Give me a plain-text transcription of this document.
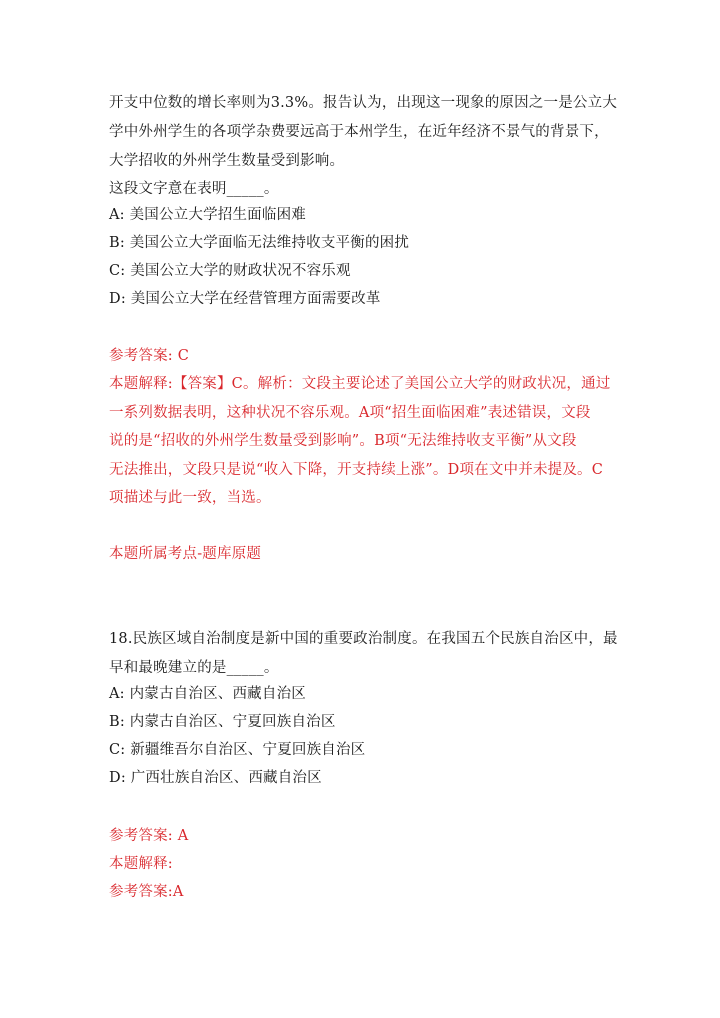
开支中位数的增长率则为3.3%。报告认为，出现这一现象的原因之一是公立大
学中外州学生的各项学杂费要远高于本州学生，在近年经济不景气的背景下，
大学招收的外州学生数量受到影响。
这段文字意在表明_____。
A: 美国公立大学招生面临困难
B: 美国公立大学面临无法维持收支平衡的困扰
C: 美国公立大学的财政状况不容乐观
D: 美国公立大学在经营管理方面需要改革
参考答案: C
本题解释:【答案】C。解析：文段主要论述了美国公立大学的财政状况，通过
一系列数据表明，这种状况不容乐观。A项“招生面临困难”表述错误，文段
说的是“招收的外州学生数量受到影响”。B项“无法维持收支平衡”从文段
无法推出，文段只是说“收入下降，开支持续上涨”。D项在文中并未提及。C
项描述与此一致，当选。
本题所属考点-题库原题
18.民族区域自治制度是新中国的重要政治制度。在我国五个民族自治区中，最
早和最晚建立的是_____。
A: 内蒙古自治区、西藏自治区
B: 内蒙古自治区、宁夏回族自治区
C: 新疆维吾尔自治区、宁夏回族自治区
D: 广西壮族自治区、西藏自治区
参考答案: A
本题解释:
参考答案:A
